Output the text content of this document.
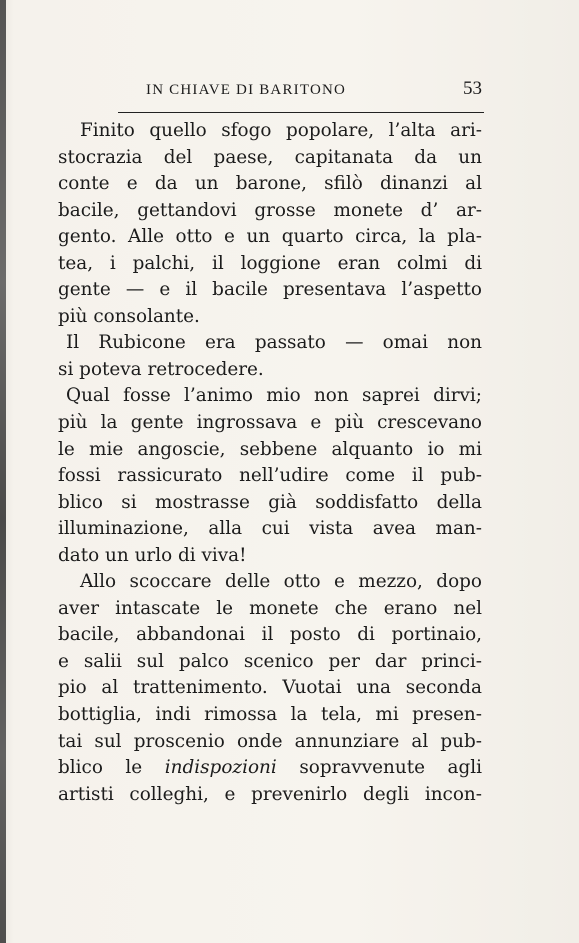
IN CHIAVE DI BARITONO	53
Finito quello sfogo popolare, l’alta ari-
stocrazia del paese, capitanata da un
conte e da un barone, sfilò dinanzi al
bacile, gettandovi grosse monete d’ ar-
gento. Alle otto e un quarto circa, la pla-
tea, i palchi, il loggione eran colmi di
gente — e il bacile presentava l’aspetto
più consolante.
Il Rubicone era passato — omai non
si poteva retrocedere.
Qual fosse l’animo mio non saprei dirvi;
più la gente ingrossava e più crescevano
le mie angoscie, sebbene alquanto io mi
fossi rassicurato nell’udire come il pub-
blico si mostrasse già soddisfatto della
illuminazione, alla cui vista avea man-
dato un urlo di viva!
Allo scoccare delle otto e mezzo, dopo
aver intascate le monete che erano nel
bacile, abbandonai il posto di portinaio,
e salii sul palco scenico per dar princi-
pio al trattenimento. Vuotai una seconda
bottiglia, indi rimossa la tela, mi presen-
tai sul proscenio onde annunziare al pub-
blico le indispozioni sopravvenute agli
artisti colleghi, e prevenirlo degli incon-
